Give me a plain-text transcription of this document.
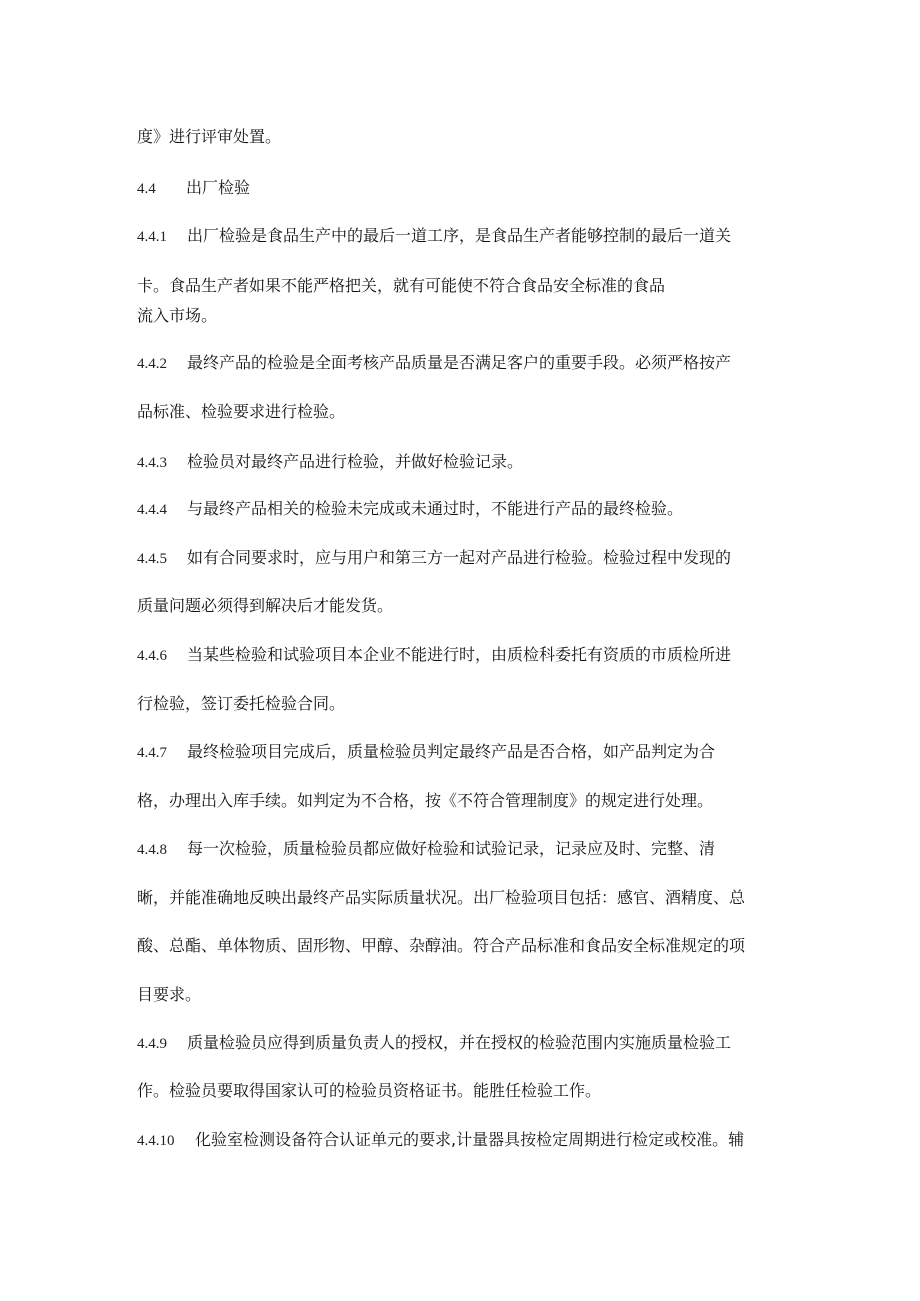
度》进行评审处置。
4.4 出厂检验
4.4.1 出厂检验是食品生产中的最后一道工序，是食品生产者能够控制的最后一道关
卡。食品生产者如果不能严格把关，就有可能使不符合食品安全标准的食品
流入市场。
4.4.2 最终产品的检验是全面考核产品质量是否满足客户的重要手段。必须严格按产
品标准、检验要求进行检验。
4.4.3 检验员对最终产品进行检验，并做好检验记录。
4.4.4 与最终产品相关的检验未完成或未通过时，不能进行产品的最终检验。
4.4.5 如有合同要求时，应与用户和第三方一起对产品进行检验。检验过程中发现的
质量问题必须得到解决后才能发货。
4.4.6 当某些检验和试验项目本企业不能进行时，由质检科委托有资质的市质检所进
行检验，签订委托检验合同。
4.4.7 最终检验项目完成后，质量检验员判定最终产品是否合格，如产品判定为合
格，办理出入库手续。如判定为不合格，按《不符合管理制度》的规定进行处理。
4.4.8 每一次检验，质量检验员都应做好检验和试验记录，记录应及时、完整、清
晰，并能准确地反映出最终产品实际质量状况。出厂检验项目包括：感官、酒精度、总
酸、总酯、单体物质、固形物、甲醇、杂醇油。符合产品标准和食品安全标准规定的项
目要求。
4.4.9 质量检验员应得到质量负责人的授权，并在授权的检验范围内实施质量检验工
作。检验员要取得国家认可的检验员资格证书。能胜任检验工作。
4.4.10 化验室检测设备符合认证单元的要求,计量器具按检定周期进行检定或校准。辅
